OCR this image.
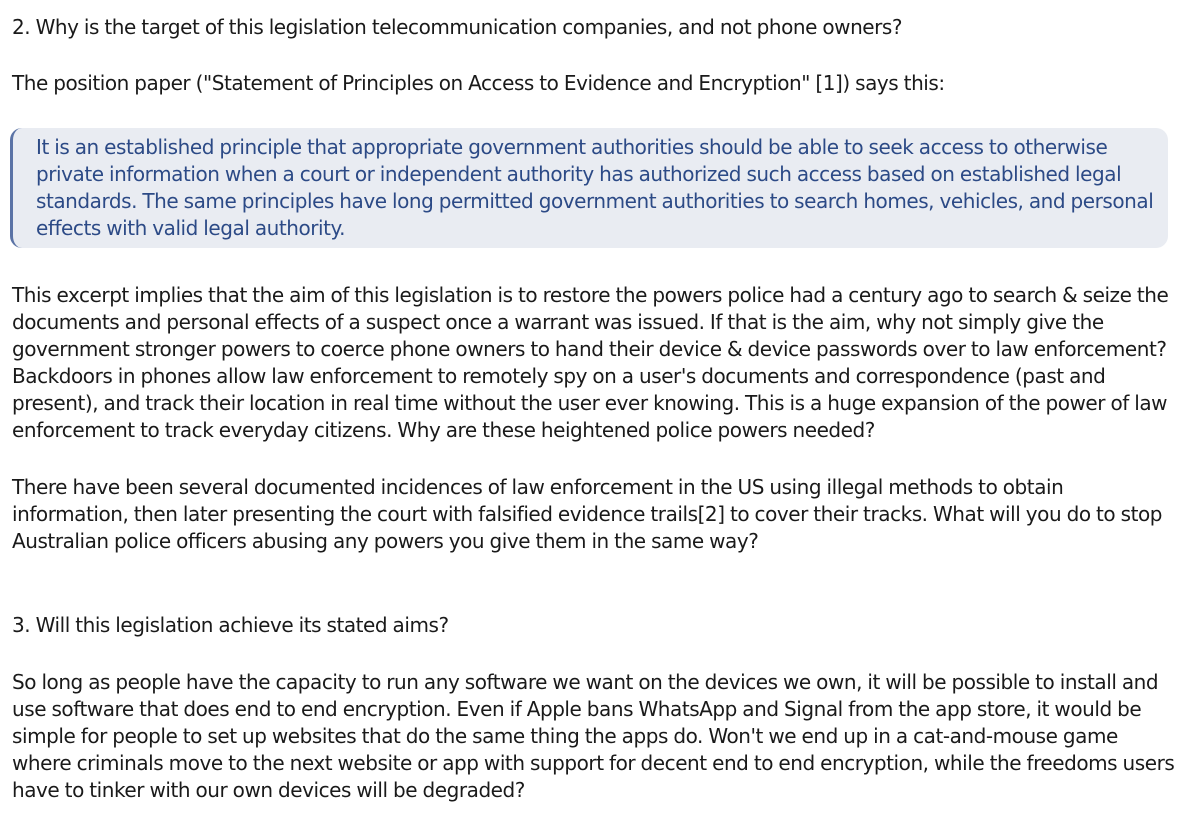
2. Why is the target of this legislation telecommunication companies, and not phone owners?

The position paper ("Statement of Principles on Access to Evidence and Encryption" [1]) says this:

It is an established principle that appropriate government authorities should be able to seek access to otherwise private information when a court or independent authority has authorized such access based on established legal standards. The same principles have long permitted government authorities to search homes, vehicles, and personal effects with valid legal authority.

This excerpt implies that the aim of this legislation is to restore the powers police had a century ago to search & seize the documents and personal effects of a suspect once a warrant was issued. If that is the aim, why not simply give the government stronger powers to coerce phone owners to hand their device & device passwords over to law enforcement? Backdoors in phones allow law enforcement to remotely spy on a user's documents and correspondence (past and present), and track their location in real time without the user ever knowing. This is a huge expansion of the power of law enforcement to track everyday citizens. Why are these heightened police powers needed?

There have been several documented incidences of law enforcement in the US using illegal methods to obtain information, then later presenting the court with falsified evidence trails[2] to cover their tracks. What will you do to stop Australian police officers abusing any powers you give them in the same way?

3. Will this legislation achieve its stated aims?

So long as people have the capacity to run any software we want on the devices we own, it will be possible to install and use software that does end to end encryption. Even if Apple bans WhatsApp and Signal from the app store, it would be simple for people to set up websites that do the same thing the apps do. Won't we end up in a cat-and-mouse game where criminals move to the next website or app with support for decent end to end encryption, while the freedoms users have to tinker with our own devices will be degraded?
